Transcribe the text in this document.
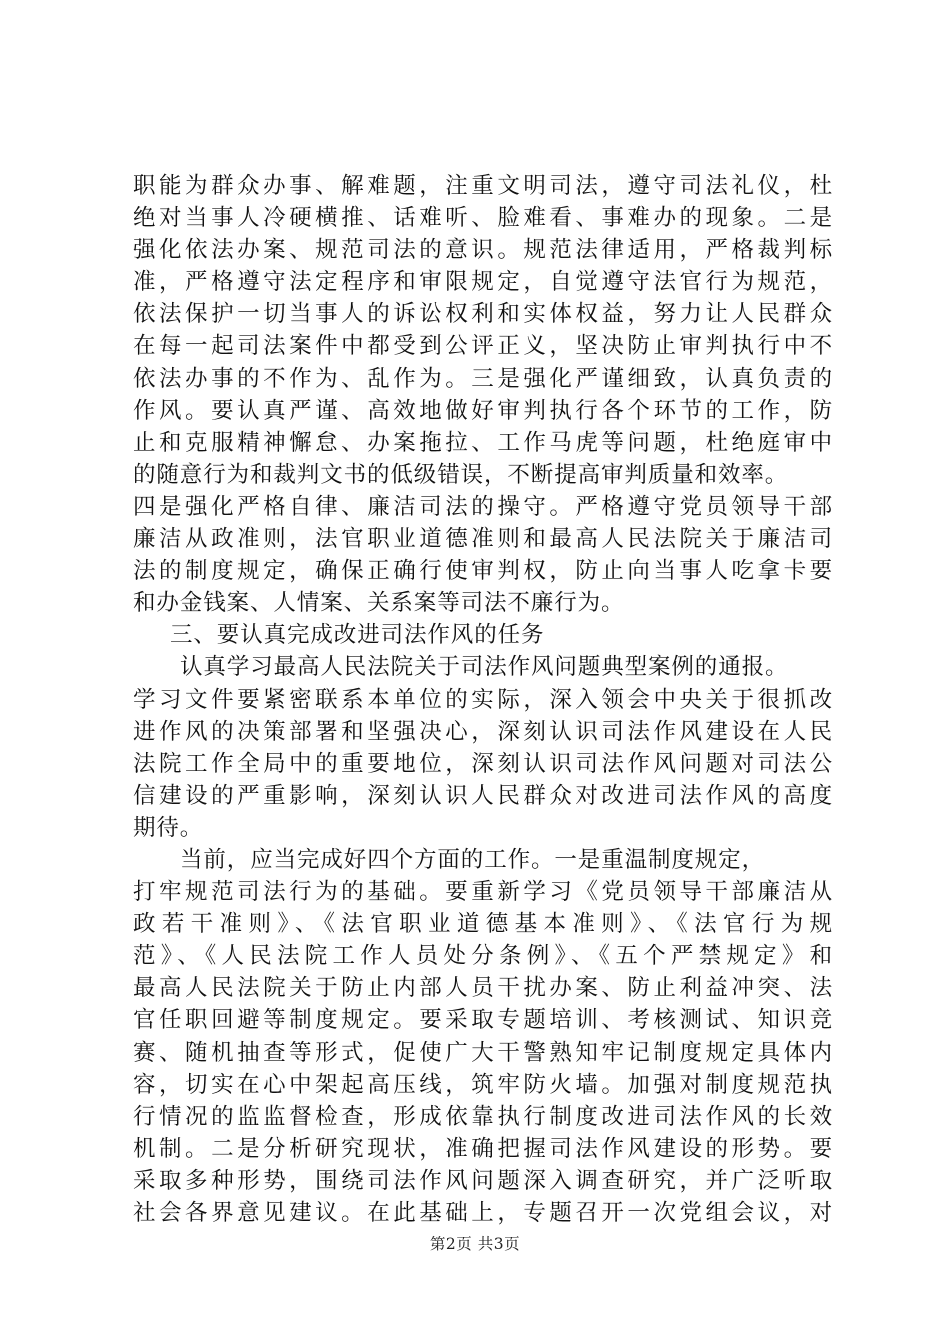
职能为群众办事、解难题，注重文明司法，遵守司法礼仪，杜
绝对当事人冷硬横推、话难听、脸难看、事难办的现象。二是
强化依法办案、规范司法的意识。规范法律适用，严格裁判标
准，严格遵守法定程序和审限规定，自觉遵守法官行为规范，
依法保护一切当事人的诉讼权利和实体权益，努力让人民群众
在每一起司法案件中都受到公评正义，坚决防止审判执行中不
依法办事的不作为、乱作为。三是强化严谨细致，认真负责的
作风。要认真严谨、高效地做好审判执行各个环节的工作，防
止和克服精神懈怠、办案拖拉、工作马虎等问题，杜绝庭审中
的随意行为和裁判文书的低级错误，不断提高审判质量和效率。
四是强化严格自律、廉洁司法的操守。严格遵守党员领导干部
廉洁从政准则，法官职业道德准则和最高人民法院关于廉洁司
法的制度规定，确保正确行使审判权，防止向当事人吃拿卡要
和办金钱案、人情案、关系案等司法不廉行为。
三、要认真完成改进司法作风的任务
认真学习最高人民法院关于司法作风问题典型案例的通报。
学习文件要紧密联系本单位的实际，深入领会中央关于很抓改
进作风的决策部署和坚强决心，深刻认识司法作风建设在人民
法院工作全局中的重要地位，深刻认识司法作风问题对司法公
信建设的严重影响，深刻认识人民群众对改进司法作风的高度
期待。
当前，应当完成好四个方面的工作。一是重温制度规定，
打牢规范司法行为的基础。要重新学习《党员领导干部廉洁从
政若干准则》、《法官职业道德基本准则》、《法官行为规
范》、《人民法院工作人员处分条例》、《五个严禁规定》和
最高人民法院关于防止内部人员干扰办案、防止利益冲突、法
官任职回避等制度规定。要采取专题培训、考核测试、知识竞
赛、随机抽查等形式，促使广大干警熟知牢记制度规定具体内
容，切实在心中架起高压线，筑牢防火墙。加强对制度规范执
行情况的监监督检查，形成依靠执行制度改进司法作风的长效
机制。二是分析研究现状，准确把握司法作风建设的形势。要
采取多种形势，围绕司法作风问题深入调查研究，并广泛听取
社会各界意见建议。在此基础上，专题召开一次党组会议，对
第2页 共3页
